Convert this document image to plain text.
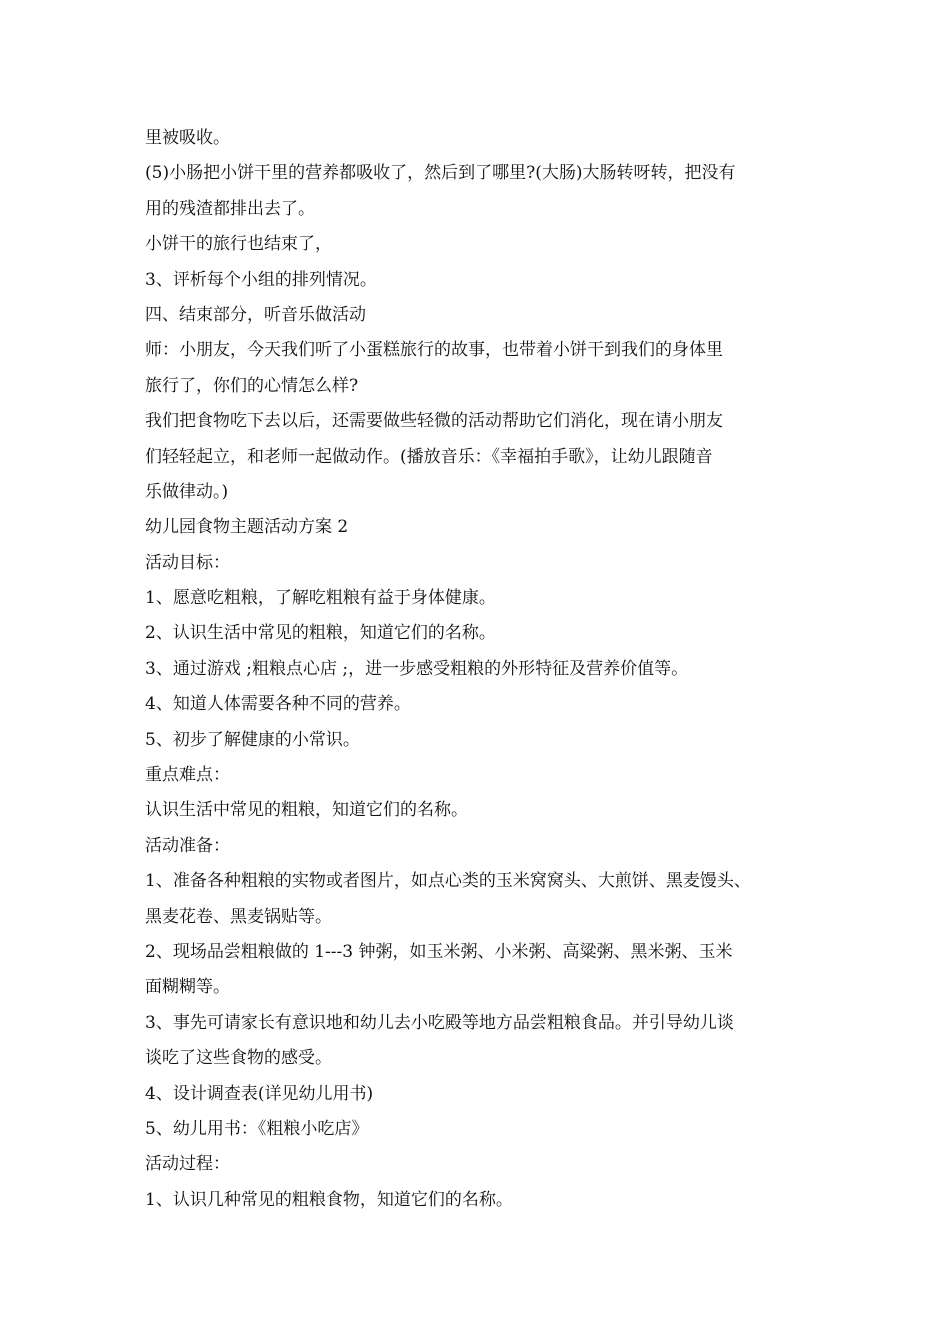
里被吸收。

(5)小肠把小饼干里的营养都吸收了，然后到了哪里?(大肠)大肠转呀转，把没有

用的残渣都排出去了。

小饼干的旅行也结束了，

3、评析每个小组的排列情况。

四、结束部分，听音乐做活动

师：小朋友，今天我们听了小蛋糕旅行的故事，也带着小饼干到我们的身体里

旅行了，你们的心情怎么样?

我们把食物吃下去以后，还需要做些轻微的活动帮助它们消化，现在请小朋友

们轻轻起立，和老师一起做动作。(播放音乐：《幸福拍手歌》，让幼儿跟随音

乐做律动。)

幼儿园食物主题活动方案 2

活动目标：

1、愿意吃粗粮，了解吃粗粮有益于身体健康。

2、认识生活中常见的粗粮，知道它们的名称。

3、通过游戏 ;粗粮点心店 ;，进一步感受粗粮的外形特征及营养价值等。

4、知道人体需要各种不同的营养。

5、初步了解健康的小常识。

重点难点：

认识生活中常见的粗粮，知道它们的名称。

活动准备：

1、准备各种粗粮的实物或者图片，如点心类的玉米窝窝头、大煎饼、黑麦馒头、

黑麦花卷、黑麦锅贴等。

2、现场品尝粗粮做的 1---3 钟粥，如玉米粥、小米粥、高粱粥、黑米粥、玉米

面糊糊等。

3、事先可请家长有意识地和幼儿去小吃殿等地方品尝粗粮食品。并引导幼儿谈

谈吃了这些食物的感受。

4、设计调查表(详见幼儿用书)

5、幼儿用书：《粗粮小吃店》

活动过程：

1、认识几种常见的粗粮食物，知道它们的名称。
